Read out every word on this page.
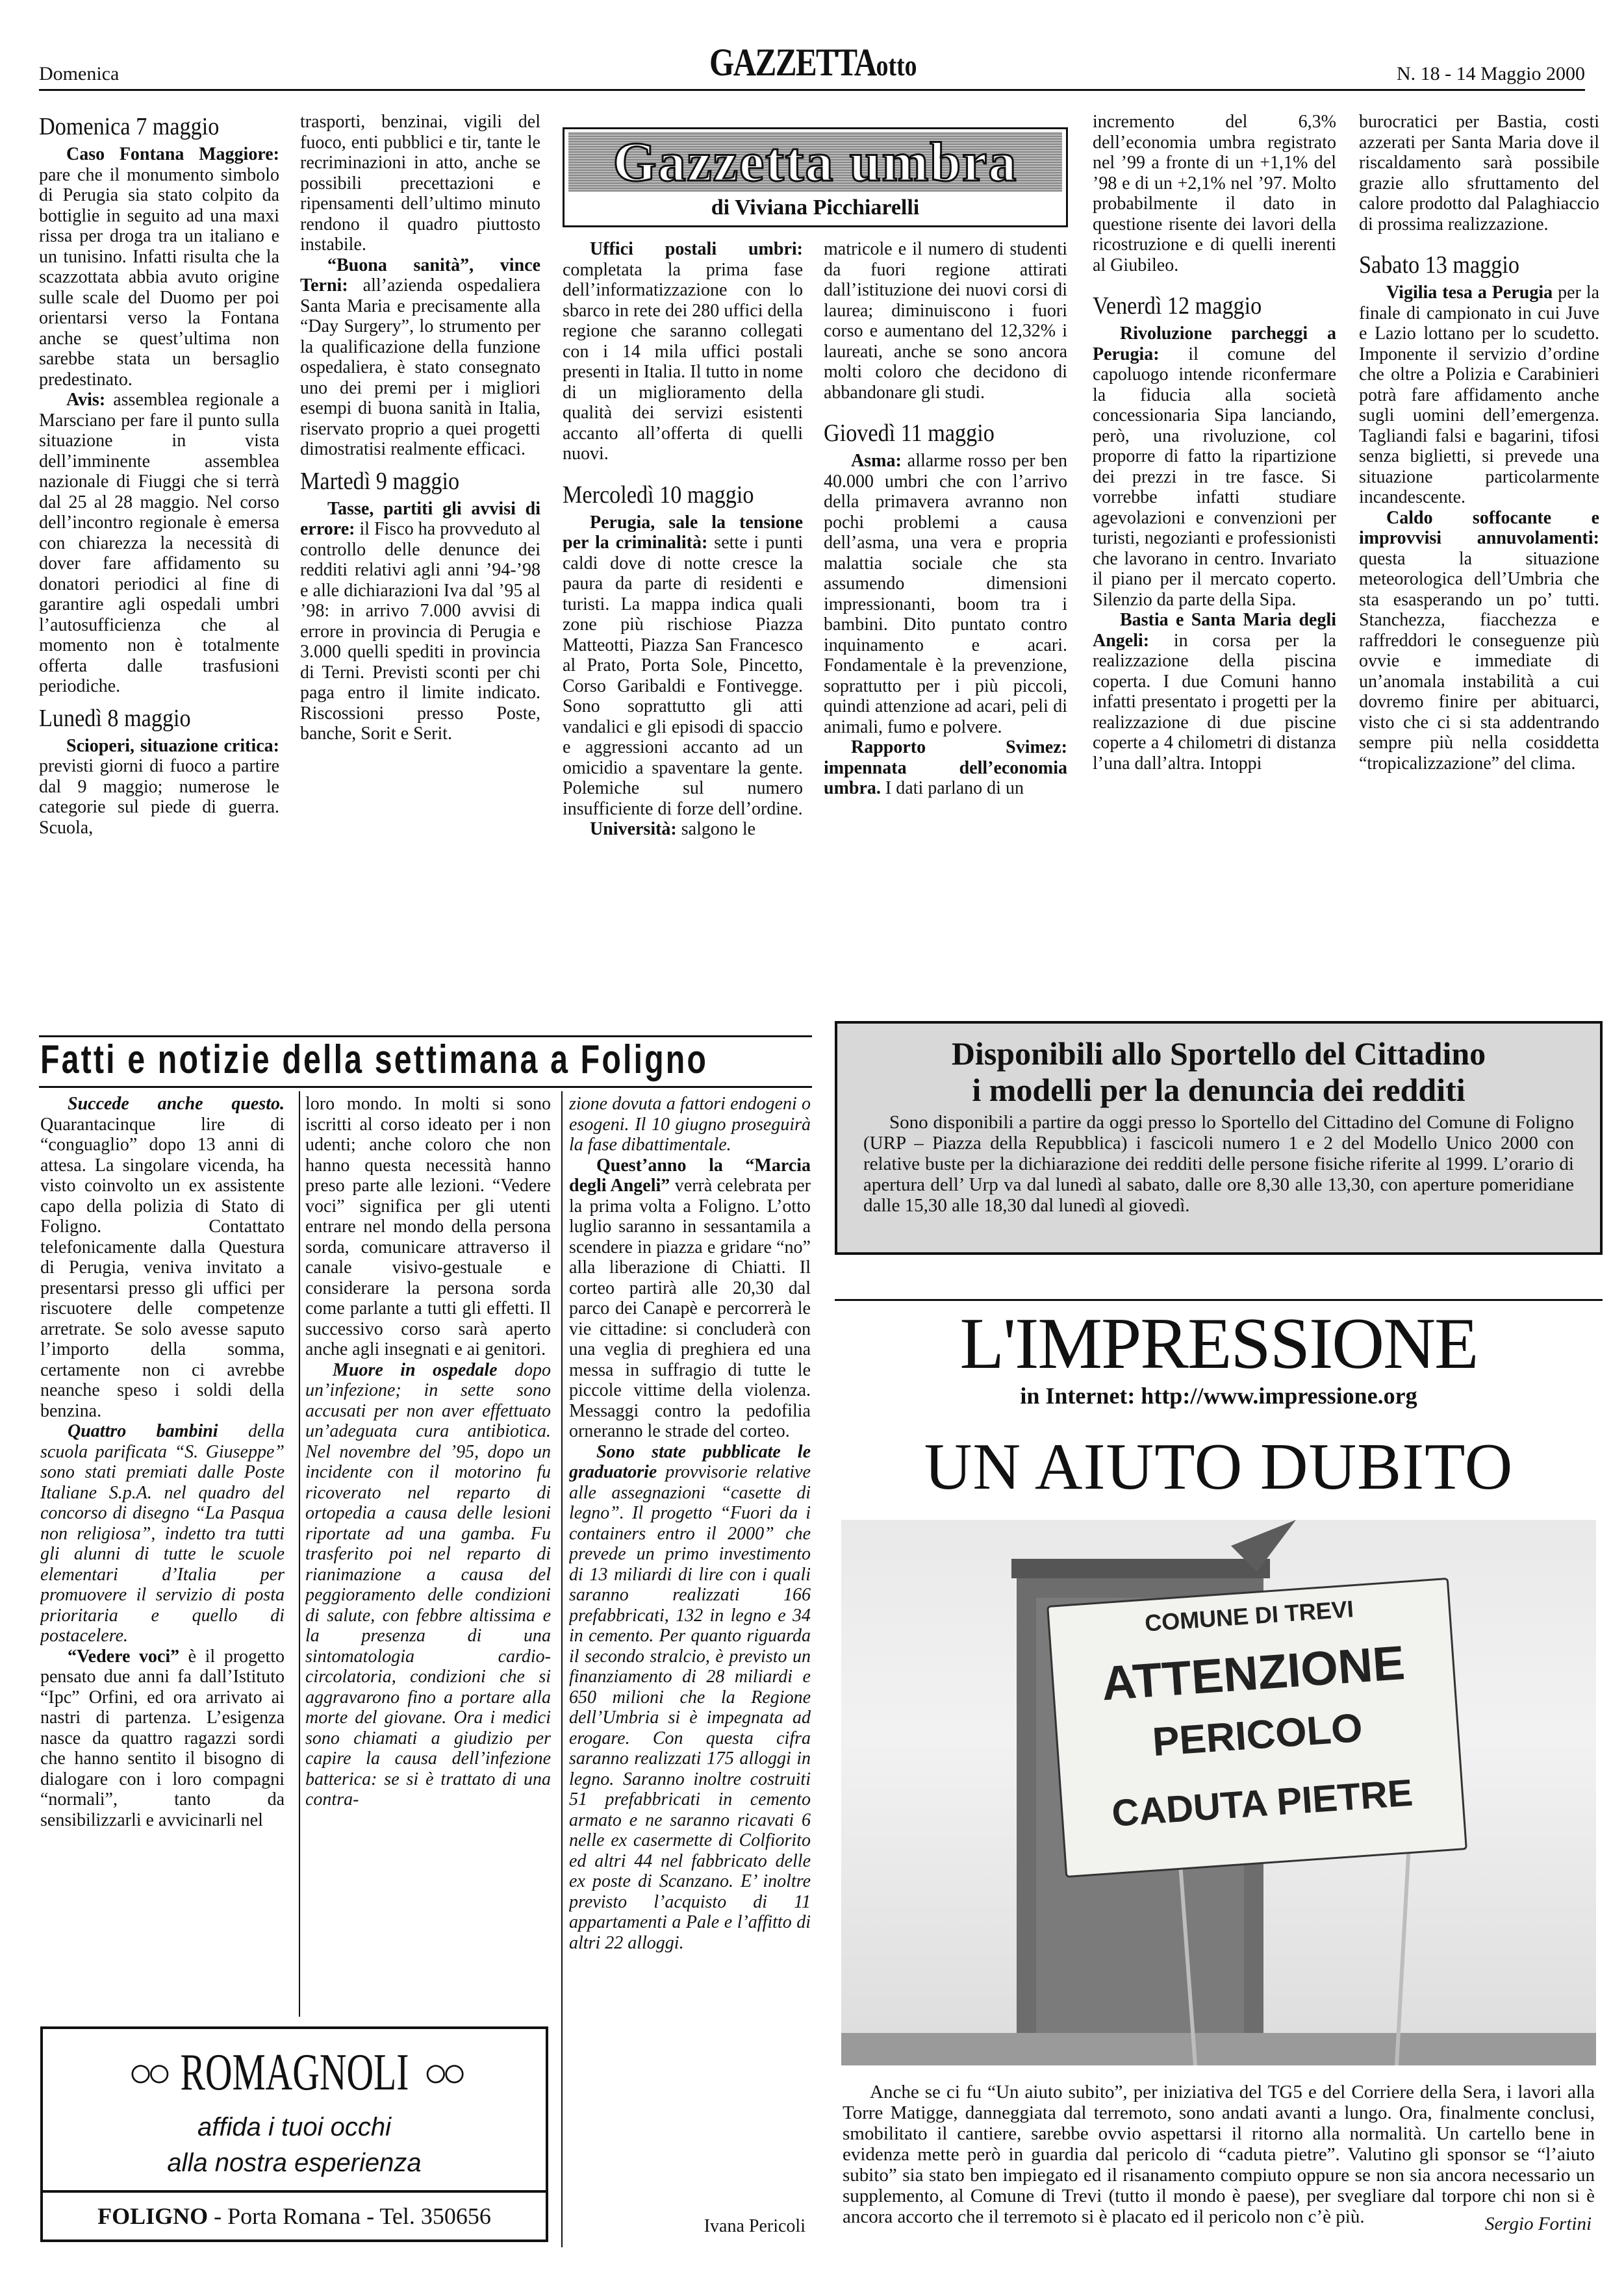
Domenica	GAZZETTAotto	N. 18 - 14 Maggio 2000
Domenica 7 maggio

Caso Fontana Maggiore: pare che il monumento simbolo di Perugia sia stato colpito da bottiglie in seguito ad una maxi rissa per droga tra un italiano e un tunisino. Infatti risulta che la scazzottata abbia avuto origine sulle scale del Duomo per poi orientarsi verso la Fontana anche se quest’ultima non sarebbe stata un bersaglio predestinato.

Avis: assemblea regionale a Marsciano per fare il punto sulla situazione in vista dell’imminente assemblea nazionale di Fiuggi che si terrà dal 25 al 28 maggio. Nel corso dell’incontro regionale è emersa con chiarezza la necessità di dover fare affidamento su donatori periodici al fine di garantire agli ospedali umbri l’autosufficienza che al momento non è totalmente offerta dalle trasfusioni periodiche.

Lunedì 8 maggio

Scioperi, situazione critica: previsti giorni di fuoco a partire dal 9 maggio; numerose le categorie sul piede di guerra. Scuola,

trasporti, benzinai, vigili del fuoco, enti pubblici e tir, tante le recriminazioni in atto, anche se possibili precettazioni e ripensamenti dell’ultimo minuto rendono il quadro piuttosto instabile.

“Buona sanità”, vince Terni: all’azienda ospedaliera Santa Maria e precisamente alla “Day Surgery”, lo strumento per la qualificazione della funzione ospedaliera, è stato consegnato uno dei premi per i migliori esempi di buona sanità in Italia, riservato proprio a quei progetti dimostratisi realmente efficaci.

Martedì 9 maggio

Tasse, partiti gli avvisi di errore: il Fisco ha provveduto al controllo delle denunce dei redditi relativi agli anni ’94-’98 e alle dichiarazioni Iva dal ’95 al ’98: in arrivo 7.000 avvisi di errore in provincia di Perugia e 3.000 quelli spediti in provincia di Terni. Previsti sconti per chi paga entro il limite indicato. Riscossioni presso Poste, banche, Sorit e Serit.

Gazzetta umbra
di Viviana Picchiarelli

Uffici postali umbri: completata la prima fase dell’informatizzazione con lo sbarco in rete dei 280 uffici della regione che saranno collegati con i 14 mila uffici postali presenti in Italia. Il tutto in nome di un miglioramento della qualità dei servizi esistenti accanto all’offerta di quelli nuovi.

Mercoledì 10 maggio

Perugia, sale la tensione per la criminalità: sette i punti caldi dove di notte cresce la paura da parte di residenti e turisti. La mappa indica quali zone più rischiose Piazza Matteotti, Piazza San Francesco al Prato, Porta Sole, Pincetto, Corso Garibaldi e Fontivegge. Sono soprattutto gli atti vandalici e gli episodi di spaccio e aggressioni accanto ad un omicidio a spaventare la gente. Polemiche sul numero insufficiente di forze dell’ordine.

Università: salgono le

matricole e il numero di studenti da fuori regione attirati dall’istituzione dei nuovi corsi di laurea; diminuiscono i fuori corso e aumentano del 12,32% i laureati, anche se sono ancora molti coloro che decidono di abbandonare gli studi.

Giovedì 11 maggio

Asma: allarme rosso per ben 40.000 umbri che con l’arrivo della primavera avranno non pochi problemi a causa dell’asma, una vera e propria malattia sociale che sta assumendo dimensioni impressionanti, boom tra i bambini. Dito puntato contro inquinamento e acari. Fondamentale è la prevenzione, soprattutto per i più piccoli, quindi attenzione ad acari, peli di animali, fumo e polvere.

Rapporto Svimez: impennata dell’economia umbra. I dati parlano di un

incremento del 6,3% dell’economia umbra registrato nel ’99 a fronte di un +1,1% del ’98 e di un +2,1% nel ’97. Molto probabilmente il dato in questione risente dei lavori della ricostruzione e di quelli inerenti al Giubileo.

Venerdì 12 maggio

Rivoluzione parcheggi a Perugia: il comune del capoluogo intende riconfermare la fiducia alla società concessionaria Sipa lanciando, però, una rivoluzione, col proporre di fatto la ripartizione dei prezzi in tre fasce. Si vorrebbe infatti studiare agevolazioni e convenzioni per turisti, negozianti e professionisti che lavorano in centro. Invariato il piano per il mercato coperto. Silenzio da parte della Sipa.

Bastia e Santa Maria degli Angeli: in corsa per la realizzazione della piscina coperta. I due Comuni hanno infatti presentato i progetti per la realizzazione di due piscine coperte a 4 chilometri di distanza l’una dall’altra. Intoppi

burocratici per Bastia, costi azzerati per Santa Maria dove il riscaldamento sarà possibile grazie allo sfruttamento del calore prodotto dal Palaghiaccio di prossima realizzazione.

Sabato 13 maggio

Vigilia tesa a Perugia per la finale di campionato in cui Juve e Lazio lottano per lo scudetto. Imponente il servizio d’ordine che oltre a Polizia e Carabinieri potrà fare affidamento anche sugli uomini dell’emergenza. Tagliandi falsi e bagarini, tifosi senza biglietti, si prevede una situazione particolarmente incandescente.

Caldo soffocante e improvvisi annuvolamenti: questa la situazione meteorologica dell’Umbria che sta esasperando un po’ tutti. Stanchezza, fiacchezza e raffreddori le conseguenze più ovvie e immediate di un’anomala instabilità a cui dovremo finire per abituarci, visto che ci si sta addentrando sempre più nella cosiddetta “tropicalizzazione” del clima.

Fatti e notizie della settimana a Foligno

Succede anche questo. Quarantacinque lire di “conguaglio” dopo 13 anni di attesa. La singolare vicenda, ha visto coinvolto un ex assistente capo della polizia di Stato di Foligno. Contattato telefonicamente dalla Questura di Perugia, veniva invitato a presentarsi presso gli uffici per riscuotere delle competenze arretrate. Se solo avesse saputo l’importo della somma, certamente non ci avrebbe neanche speso i soldi della benzina.

Quattro bambini della scuola parificata “S. Giuseppe” sono stati premiati dalle Poste Italiane S.p.A. nel quadro del concorso di disegno “La Pasqua non religiosa”, indetto tra tutti gli alunni di tutte le scuole elementari d’Italia per promuovere il servizio di posta prioritaria e quello di postacelere.

“Vedere voci” è il progetto pensato due anni fa dall’Istituto “Ipc” Orfini, ed ora arrivato ai nastri di partenza. L’esigenza nasce da quattro ragazzi sordi che hanno sentito il bisogno di dialogare con i loro compagni “normali”, tanto da sensibilizzarli e avvicinarli nel

loro mondo. In molti si sono iscritti al corso ideato per i non udenti; anche coloro che non hanno questa necessità hanno preso parte alle lezioni. “Vedere voci” significa per gli utenti entrare nel mondo della persona sorda, comunicare attraverso il canale visivo-gestuale e considerare la persona sorda come parlante a tutti gli effetti. Il successivo corso sarà aperto anche agli insegnati e ai genitori.

Muore in ospedale dopo un’infezione; in sette sono accusati per non aver effettuato un’adeguata cura antibiotica. Nel novembre del ’95, dopo un incidente con il motorino fu ricoverato nel reparto di ortopedia a causa delle lesioni riportate ad una gamba. Fu trasferito poi nel reparto di rianimazione a causa del peggioramento delle condizioni di salute, con febbre altissima e la presenza di una sintomatologia cardio-circolatoria, condizioni che si aggravarono fino a portare alla morte del giovane. Ora i medici sono chiamati a giudizio per capire la causa dell’infezione batterica: se si è trattato di una contra-

zione dovuta a fattori endogeni o esogeni. Il 10 giugno proseguirà la fase dibattimentale.

Quest’anno la “Marcia degli Angeli” verrà celebrata per la prima volta a Foligno. L’otto luglio saranno in sessantamila a scendere in piazza e gridare “no” alla liberazione di Chiatti. Il corteo partirà alle 20,30 dal parco dei Canapè e percorrerà le vie cittadine: si concluderà con una veglia di preghiera ed una messa in suffragio di tutte le piccole vittime della violenza. Messaggi contro la pedofilia orneranno le strade del corteo.

Sono state pubblicate le graduatorie provvisorie relative alle assegnazioni “casette di legno”. Il progetto “Fuori da i containers entro il 2000” che prevede un primo investimento di 13 miliardi di lire con i quali saranno realizzati 166 prefabbricati, 132 in legno e 34 in cemento. Per quanto riguarda il secondo stralcio, è previsto un finanziamento di 28 miliardi e 650 milioni che la Regione dell’Umbria si è impegnata ad erogare. Con questa cifra saranno realizzati 175 alloggi in legno. Saranno inoltre costruiti 51 prefabbricati in cemento armato e ne saranno ricavati 6 nelle ex casermette di Colfiorito ed altri 44 nel fabbricato delle ex poste di Scanzano. E’ inoltre previsto l’acquisto di 11 appartamenti a Pale e l’affitto di altri 22 alloggi.

Ivana Pericoli
○○ ROMAGNOLI ○○
affida i tuoi occhi
alla nostra esperienza
FOLIGNO - Porta Romana - Tel. 350656
Disponibili allo Sportello del Cittadino
i modelli per la denuncia dei redditi
Sono disponibili a partire da oggi presso lo Sportello del Cittadino del Comune di Foligno (URP – Piazza della Repubblica) i fascicoli numero 1 e 2 del Modello Unico 2000 con relative buste per la dichiarazione dei redditi delle persone fisiche riferite al 1999. L’orario di apertura dell’ Urp va dal lunedì al sabato, dalle ore 8,30 alle 13,30, con aperture pomeridiane dalle 15,30 alle 18,30 dal lunedì al giovedì.
L'IMPRESSIONE
in Internet: http://www.impressione.org
UN AIUTO DUBITO
COMUNE DI TREVI
ATTENZIONE
PERICOLO
CADUTA PIETRE

Anche se ci fu “Un aiuto subito”, per iniziativa del TG5 e del Corriere della Sera, i lavori alla Torre Matigge, danneggiata dal terremoto, sono andati avanti a lungo. Ora, finalmente conclusi, smobilitato il cantiere, sarebbe ovvio aspettarsi il ritorno alla normalità. Un cartello bene in evidenza mette però in guardia dal pericolo di “caduta pietre”. Valutino gli sponsor se “l’aiuto subito” sia stato ben impiegato ed il risanamento compiuto oppure se non sia ancora necessario un supplemento, al Comune di Trevi (tutto il mondo è paese), per svegliare dal torpore chi non si è ancora accorto che il terremoto si è placato ed il pericolo non c’è più.	Sergio Fortini
